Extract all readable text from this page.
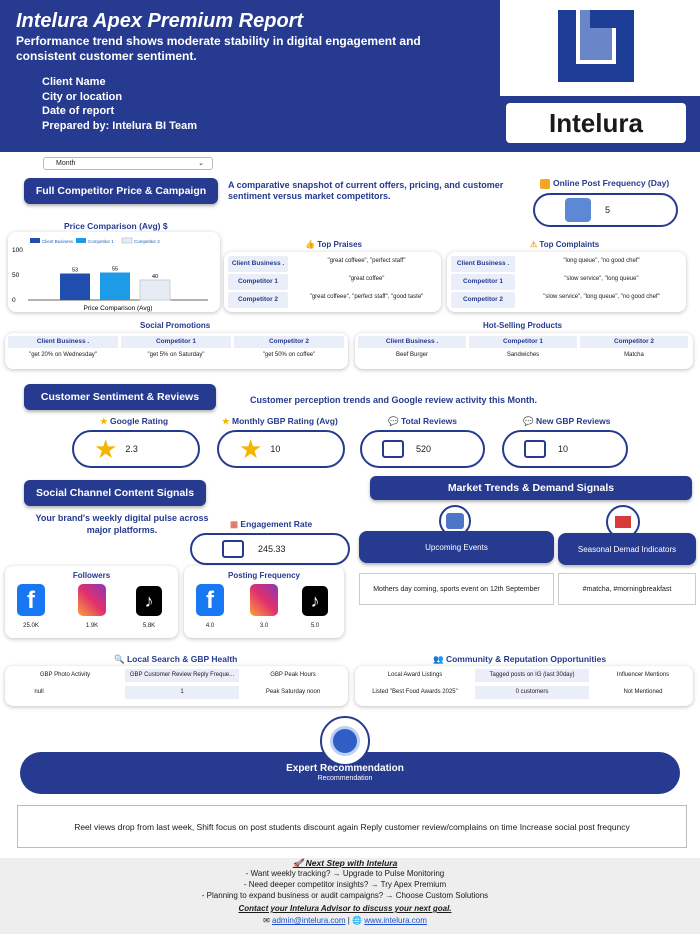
Intelura Apex Premium Report
Performance trend shows moderate stability in digital engagement and consistent customer sentiment.
Client Name
City or location
Date of report
Prepared by: Intelura BI Team	Intelura
Month	⌄
Full Competitor Price & Campaign	A comparative snapshot of current offers, pricing, and customer sentiment versus market competitors.
Online Post Frequency (Day)
5
Price Comparison (Avg) $
0
50
100
53
Client Business
55
Competitor 1
40
Competitor 2
Price Comparison (Avg)
👍 Top Praises
Client Business .	"great coffeee", "perfect staff"
Competitor 1	"great coffee"
Competitor 2	"great coffeee", "perfect staff", "good taste"
⚠ Top Complaints
Client Business .	"long queue", "no good chef"
Competitor 1	"slow service", "long queue"
Competitor 2	"slow service", "long queue", "no good chef"
Social Promotions
Client Business .	Competitor 1	Competitor 2
"get 20% on Wednesday"	"get 5% on Saturday"	"get 50% on coffee"
Hot-Selling Products
Client Business .	Competitor 1	Competitor 2
Beef Burger	Sandwiches	Matcha
Customer Sentiment & Reviews	Customer perception trends and Google review activity this Month.
★ Google Rating
★ 2.3
★ Monthly GBP Rating (Avg)
★ 10
💬 Total Reviews
520
💬 New GBP Reviews
10
Social Channel Content Signals
Your brand's weekly digital pulse across major platforms.
▦ Engagement Rate
245.33
Followers
f	♪
25.0K	1.9K	5.8K
Posting Frequency
f	♪
4.0	3.0	5.0
Market Trends & Demand Signals
Upcoming Events	Seasonal Demad Indicators
Mothers day coming, sports event on 12th September	#matcha, #morningbreakfast
🔍 Local Search & GBP Health
GBP Photo Activity	GBP Customer Review Reply Freque...	GBP Peak Hours
null	1	Peak Saturday noon
👥 Community & Reputation Opportunities
Local Award Listings	Tagged posts on IG (last 30day)	Influencer Mentions
Listed "Best Food Awards 2025"	0 customers	Not Mentioned
Expert Recommendation
Recommendation
Reel views drop from last week, Shift focus on post students discount again Reply customer review/complains on time Increase social post frequncy
🚀 Next Step with Intelura
- Want weekly tracking? → Upgrade to Pulse Monitoring
- Need deeper competitor insights? → Try Apex Premium
- Planning to expand business or audit campaigns? → Choose Custom Solutions
Contact your Intelura Advisor to discuss your next goal.
✉ admin@intelura.com | 🌐 www.intelura.com
